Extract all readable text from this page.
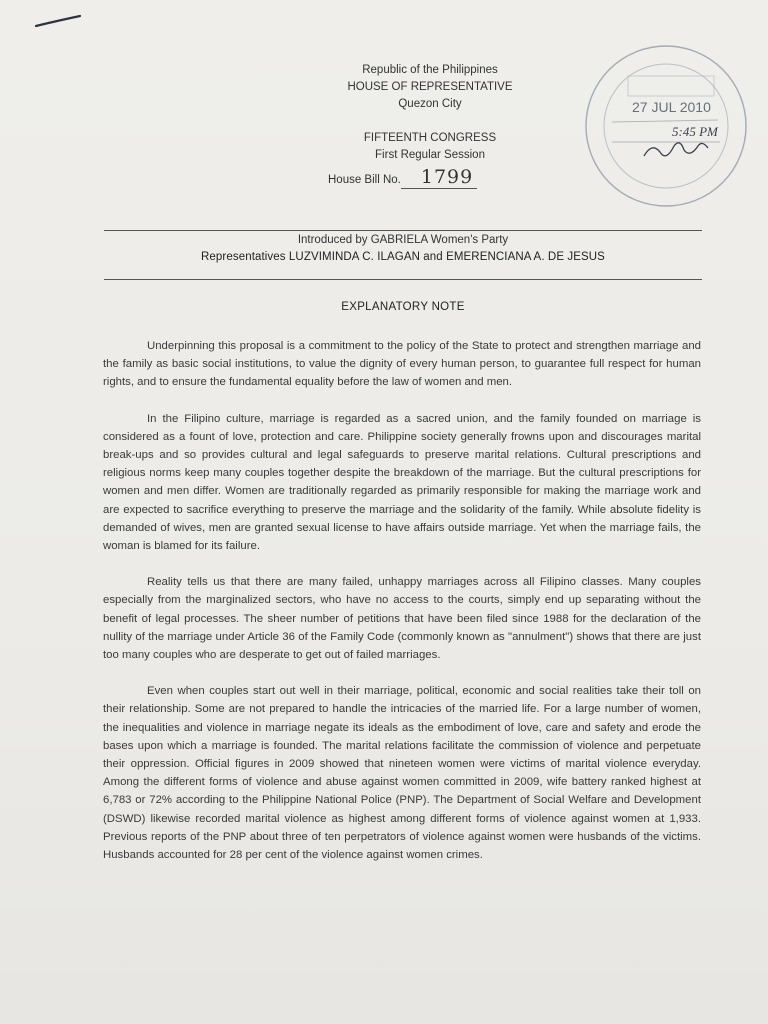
Republic of the Philippines
HOUSE OF REPRESENTATIVE
Quezon City
FIFTEENTH CONGRESS
First Regular Session
House Bill No. 1799
27 JUL 2010
5:45 PM
Introduced by GABRIELA Women's Party
Representatives LUZVIMINDA C. ILAGAN and EMERENCIANA A. DE JESUS
EXPLANATORY NOTE

Underpinning this proposal is a commitment to the policy of the State to protect and strengthen marriage and the family as basic social institutions, to value the dignity of every human person, to guarantee full respect for human rights, and to ensure the fundamental equality before the law of women and men.

In the Filipino culture, marriage is regarded as a sacred union, and the family founded on marriage is considered as a fount of love, protection and care. Philippine society generally frowns upon and discourages marital break-ups and so provides cultural and legal safeguards to preserve marital relations. Cultural prescriptions and religious norms keep many couples together despite the breakdown of the marriage. But the cultural prescriptions for women and men differ. Women are traditionally regarded as primarily responsible for making the marriage work and are expected to sacrifice everything to preserve the marriage and the solidarity of the family. While absolute fidelity is demanded of wives, men are granted sexual license to have affairs outside marriage. Yet when the marriage fails, the woman is blamed for its failure.

Reality tells us that there are many failed, unhappy marriages across all Filipino classes. Many couples especially from the marginalized sectors, who have no access to the courts, simply end up separating without the benefit of legal processes. The sheer number of petitions that have been filed since 1988 for the declaration of the nullity of the marriage under Article 36 of the Family Code (commonly known as "annulment") shows that there are just too many couples who are desperate to get out of failed marriages.

Even when couples start out well in their marriage, political, economic and social realities take their toll on their relationship. Some are not prepared to handle the intricacies of the married life. For a large number of women, the inequalities and violence in marriage negate its ideals as the embodiment of love, care and safety and erode the bases upon which a marriage is founded. The marital relations facilitate the commission of violence and perpetuate their oppression. Official figures in 2009 showed that nineteen women were victims of marital violence everyday. Among the different forms of violence and abuse against women committed in 2009, wife battery ranked highest at 6,783 or 72% according to the Philippine National Police (PNP). The Department of Social Welfare and Development (DSWD) likewise recorded marital violence as highest among different forms of violence against women at 1,933. Previous reports of the PNP about three of ten perpetrators of violence against women were husbands of the victims. Husbands accounted for 28 per cent of the violence against women crimes.
